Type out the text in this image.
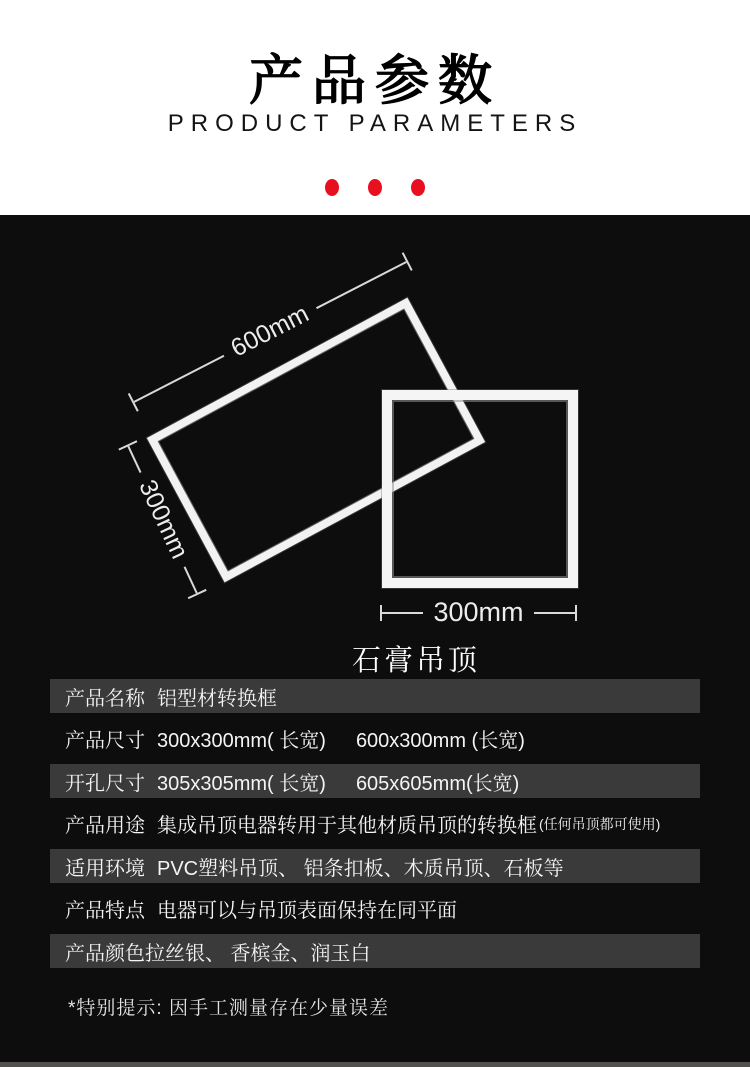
产品参数
PRODUCT PARAMETERS
600mm
300mm
300mm
石膏吊顶
产品名称 铝型材转换框
产品尺寸 300x300mm( 长宽) 600x300mm (长宽)
开孔尺寸 305x305mm( 长宽) 605x605mm(长宽)
产品用途 集成吊顶电器转用于其他材质吊顶的转换框 (任何吊顶都可使用)
适用环境 PVC塑料吊顶、 铝条扣板、木质吊顶、石板等
产品特点 电器可以与吊顶表面保持在同平面
产品颜色 拉丝银、 香槟金、润玉白
*特别提示: 因手工测量存在少量误差
